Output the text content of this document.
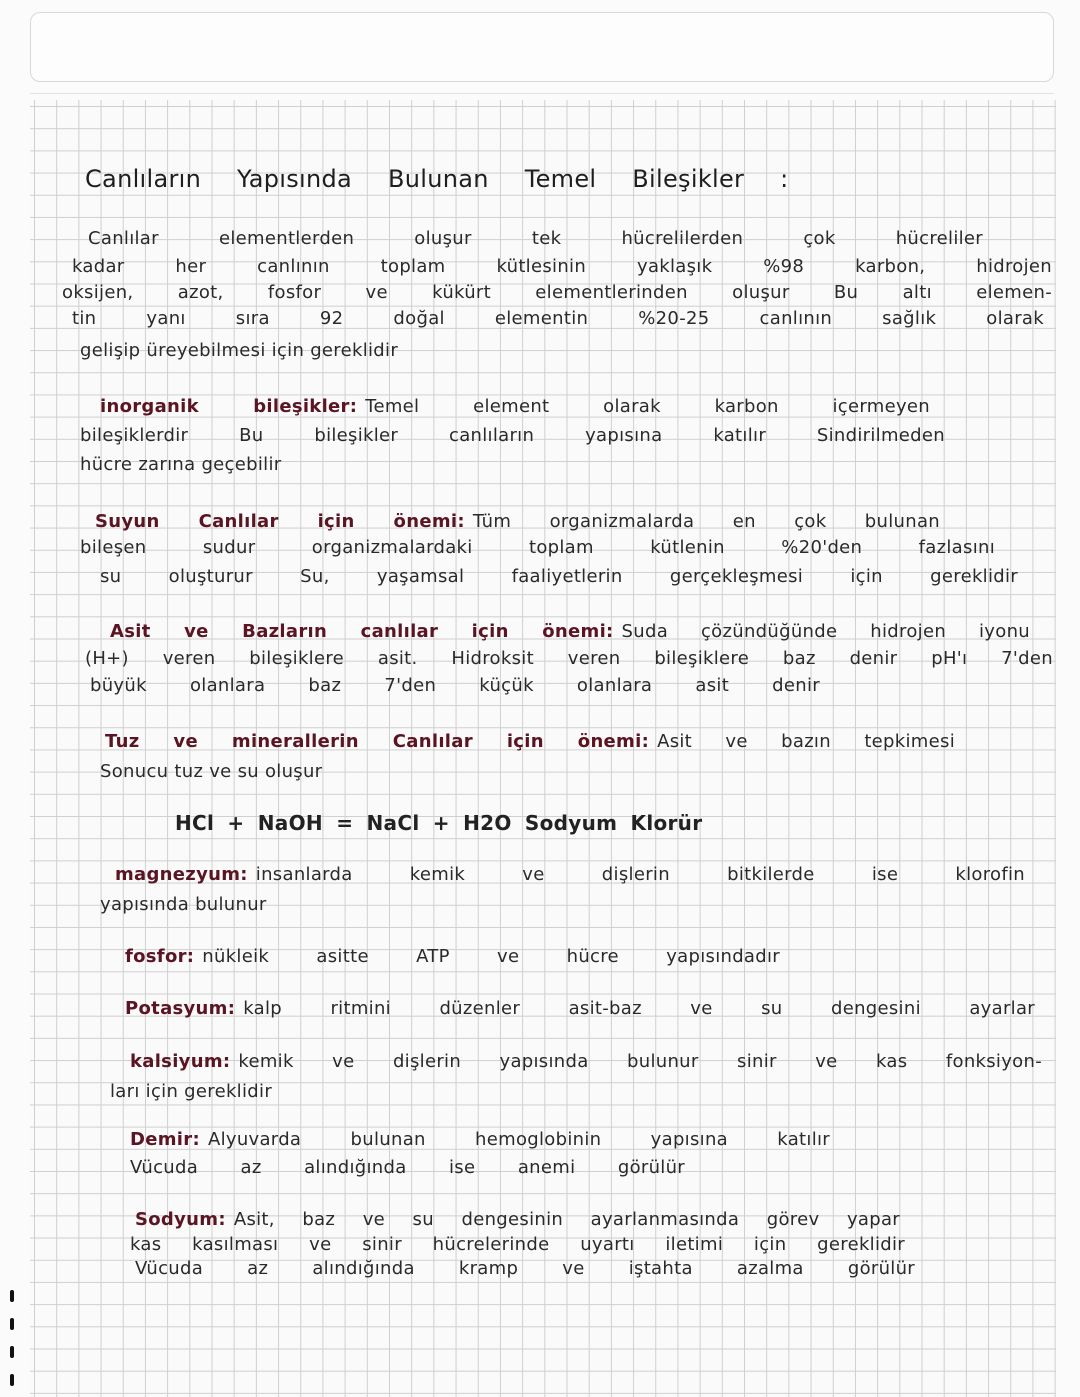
Canlıların Yapısında Bulunan Temel Bileşikler :
Canlılar elementlerden oluşur tek hücrelilerden çok hücreliler
kadar her canlının toplam kütlesinin yaklaşık %98 karbon, hidrojen
oksijen, azot, fosfor ve kükürt elementlerinden oluşur Bu altı elemen-
tin yanı sıra 92 doğal elementin %20-25 canlının sağlık olarak
gelişip üreyebilmesi için gereklidir
inorganik bileşikler: Temel element olarak karbon içermeyen
bileşiklerdir Bu bileşikler canlıların yapısına katılır Sindirilmeden
hücre zarına geçebilir
Suyun Canlılar için önemi: Tüm organizmalarda en çok bulunan
bileşen sudur organizmalardaki toplam kütlenin %20'den fazlasını
su oluşturur Su, yaşamsal faaliyetlerin gerçekleşmesi için gereklidir
Asit ve Bazların canlılar için önemi: Suda çözündüğünde hidrojen iyonu
(H+) veren bileşiklere asit. Hidroksit veren bileşiklere baz denir pH'ı 7'den
büyük olanlara baz 7'den küçük olanlara asit denir
Tuz ve minerallerin Canlılar için önemi: Asit ve bazın tepkimesi
Sonucu tuz ve su oluşur
HCl + NaOH = NaCl + H2O Sodyum Klorür
magnezyum: insanlarda kemik ve dişlerin bitkilerde ise klorofin
yapısında bulunur
fosfor: nükleik asitte ATP ve hücre yapısındadır
Potasyum: kalp ritmini düzenler asit-baz ve su dengesini ayarlar
kalsiyum: kemik ve dişlerin yapısında bulunur sinir ve kas fonksiyon-
ları için gereklidir
Demir: Alyuvarda bulunan hemoglobinin yapısına katılır
Vücuda az alındığında ise anemi görülür
Sodyum: Asit, baz ve su dengesinin ayarlanmasında görev yapar
kas kasılması ve sinir hücrelerinde uyartı iletimi için gereklidir
Vücuda az alındığında kramp ve iştahta azalma görülür
